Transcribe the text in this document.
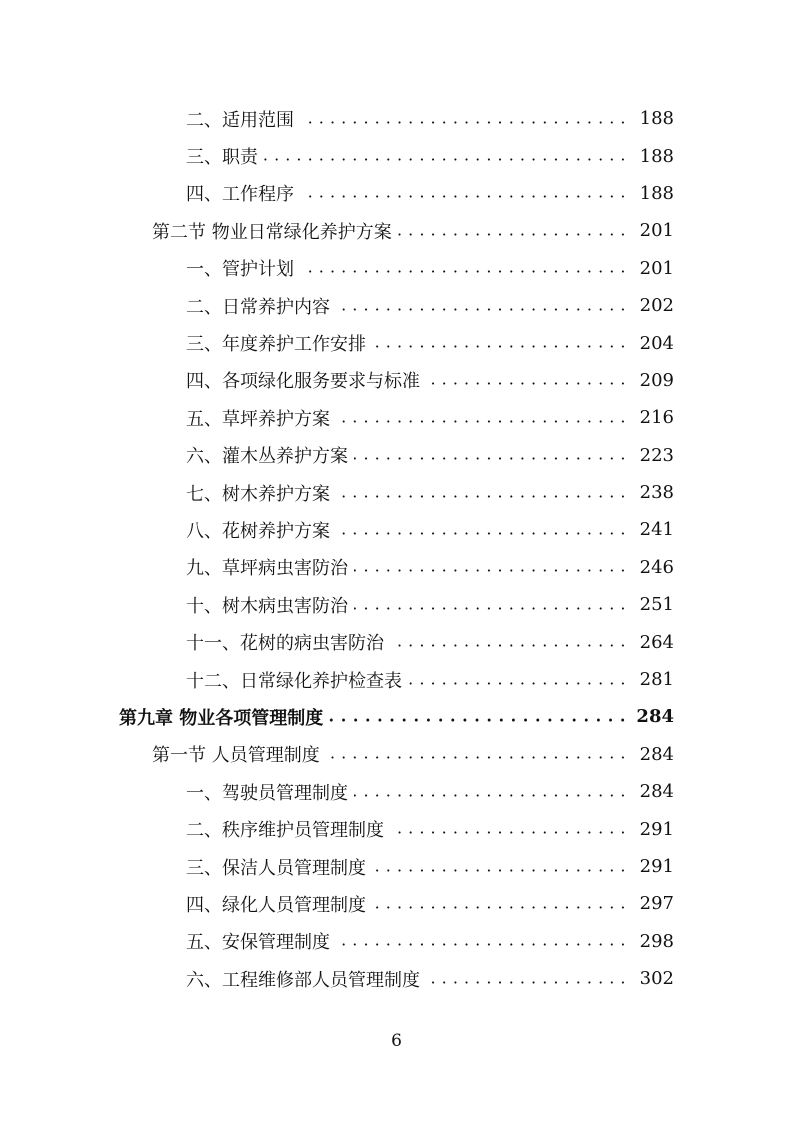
二、适用范围 . . .	188
三、职责 . . .	188
四、工作程序 . . .	188
第二节 物业日常绿化养护方案 . . .	201
一、管护计划 . . .	201
二、日常养护内容 . . .	202
三、年度养护工作安排 . . .	204
四、各项绿化服务要求与标准 . . .	209
五、草坪养护方案 . . .	216
六、灌木丛养护方案 . . .	223
七、树木养护方案 . . .	238
八、花树养护方案 . . .	241
九、草坪病虫害防治 . . .	246
十、树木病虫害防治 . . .	251
十一、花树的病虫害防治 . . .	264
十二、日常绿化养护检查表 . . .	281
第九章 物业各项管理制度 . . .	284
第一节 人员管理制度 . . .	284
一、驾驶员管理制度 . . .	284
二、秩序维护员管理制度 . . .	291
三、保洁人员管理制度 . . .	291
四、绿化人员管理制度 . . .	297
五、安保管理制度 . . .	298
六、工程维修部人员管理制度 . . .	302
6
